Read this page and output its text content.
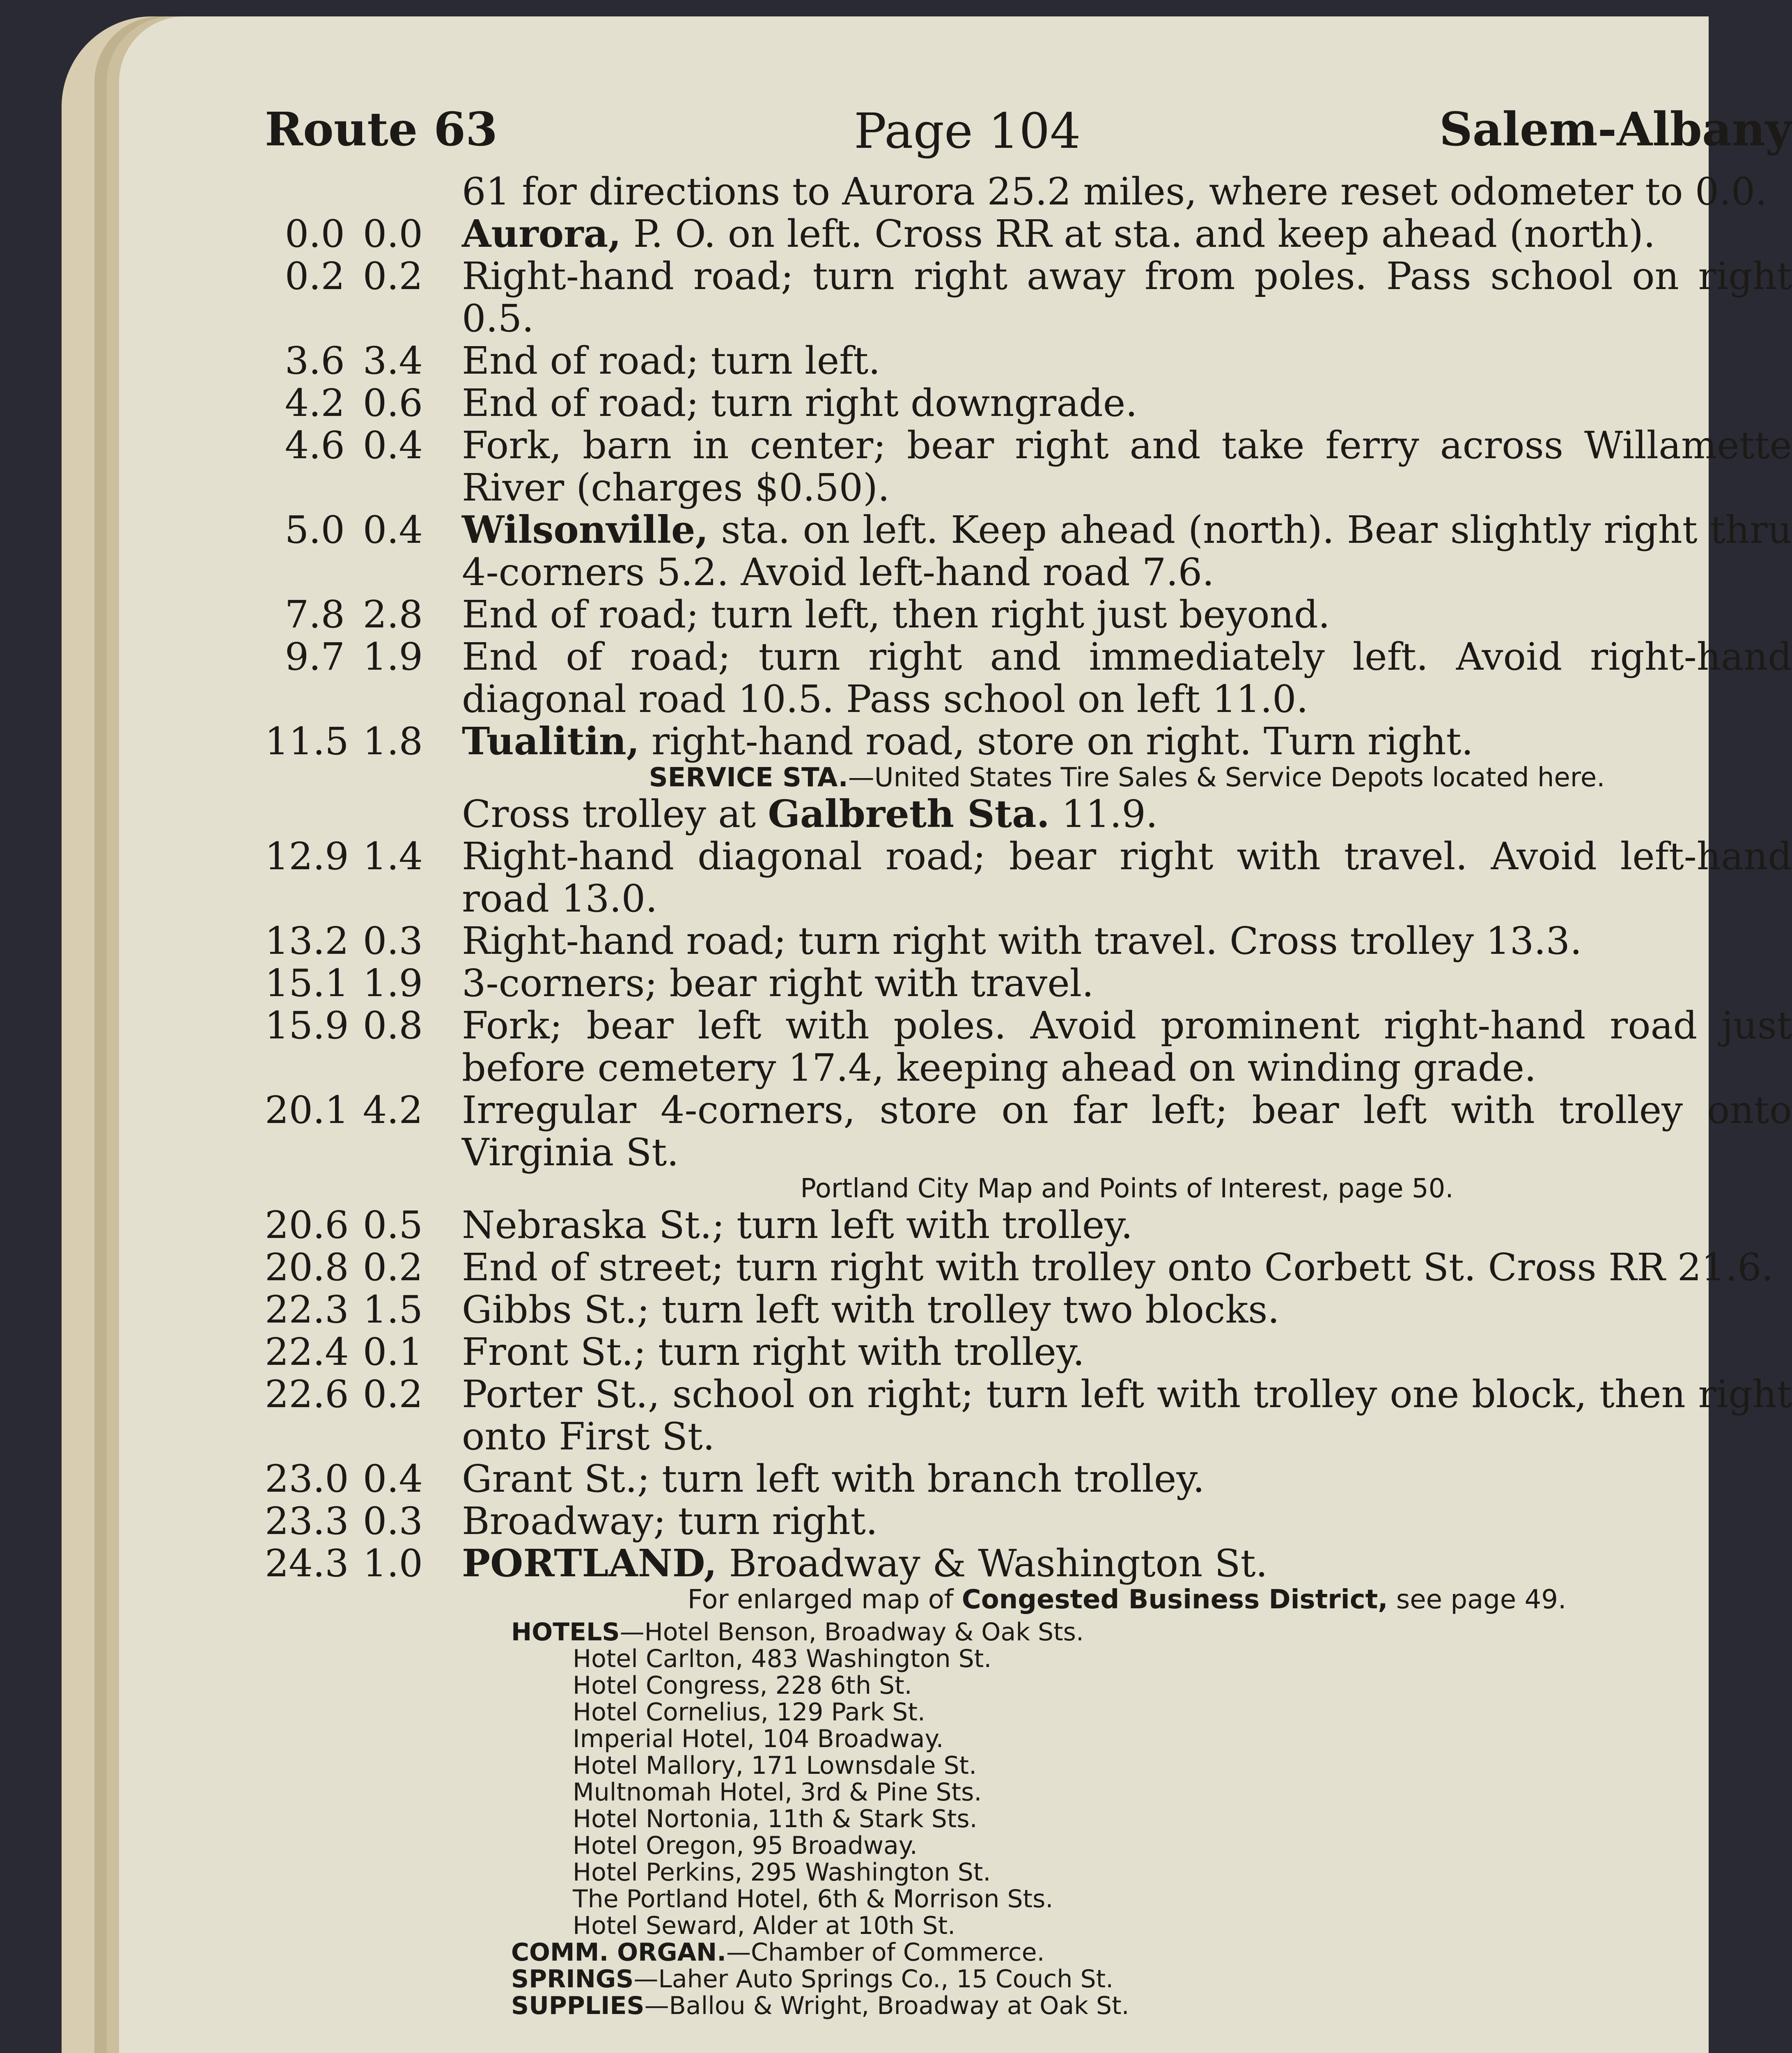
Route 63	Page 104	Salem-Albany
61 for directions to Aurora 25.2 miles, where reset odometer to 0.0.
0.0 0.0 Aurora, P. O. on left. Cross RR at sta. and keep ahead (north).
0.2 0.2 Right-hand road; turn right away from poles. Pass school on right 0.5.
3.6 3.4 End of road; turn left.
4.2 0.6 End of road; turn right downgrade.
4.6 0.4 Fork, barn in center; bear right and take ferry across Willamette River (charges $0.50).
5.0 0.4 Wilsonville, sta. on left. Keep ahead (north). Bear slightly right thru 4-corners 5.2. Avoid left-hand road 7.6.
7.8 2.8 End of road; turn left, then right just beyond.
9.7 1.9 End of road; turn right and immediately left. Avoid right-hand diagonal road 10.5. Pass school on left 11.0.
11.5 1.8 Tualitin, right-hand road, store on right. Turn right.
SERVICE STA.—United States Tire Sales & Service Depots located here.
Cross trolley at Galbreth Sta. 11.9.
12.9 1.4 Right-hand diagonal road; bear right with travel. Avoid left-hand road 13.0.
13.2 0.3 Right-hand road; turn right with travel. Cross trolley 13.3.
15.1 1.9 3-corners; bear right with travel.
15.9 0.8 Fork; bear left with poles. Avoid prominent right-hand road just before cemetery 17.4, keeping ahead on winding grade.
20.1 4.2 Irregular 4-corners, store on far left; bear left with trolley onto Virginia St.
Portland City Map and Points of Interest, page 50.
20.6 0.5 Nebraska St.; turn left with trolley.
20.8 0.2 End of street; turn right with trolley onto Corbett St. Cross RR 21.6.
22.3 1.5 Gibbs St.; turn left with trolley two blocks.
22.4 0.1 Front St.; turn right with trolley.
22.6 0.2 Porter St., school on right; turn left with trolley one block, then right onto First St.
23.0 0.4 Grant St.; turn left with branch trolley.
23.3 0.3 Broadway; turn right.
24.3 1.0 PORTLAND, Broadway & Washington St.
For enlarged map of Congested Business District, see page 49.
HOTELS—Hotel Benson, Broadway & Oak Sts.
Hotel Carlton, 483 Washington St.
Hotel Congress, 228 6th St.
Hotel Cornelius, 129 Park St.
Imperial Hotel, 104 Broadway.
Hotel Mallory, 171 Lownsdale St.
Multnomah Hotel, 3rd & Pine Sts.
Hotel Nortonia, 11th & Stark Sts.
Hotel Oregon, 95 Broadway.
Hotel Perkins, 295 Washington St.
The Portland Hotel, 6th & Morrison Sts.
Hotel Seward, Alder at 10th St.
COMM. ORGAN.—Chamber of Commerce.
SPRINGS—Laher Auto Springs Co., 15 Couch St.
SUPPLIES—Ballou & Wright, Broadway at Oak St.
